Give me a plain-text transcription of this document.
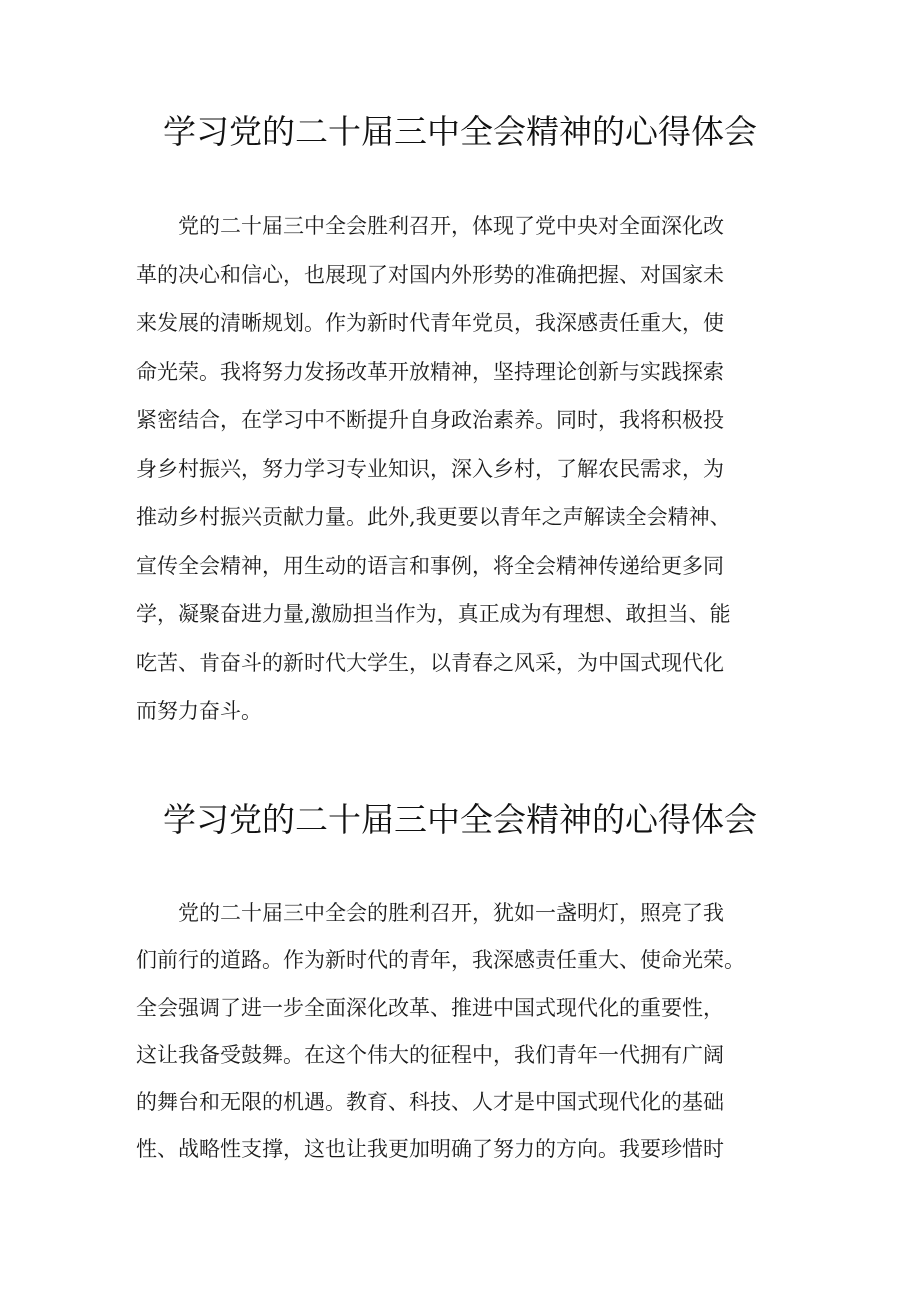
学习党的二十届三中全会精神的心得体会
　　党的二十届三中全会胜利召开，体现了党中央对全面深化改
革的决心和信心，也展现了对国内外形势的准确把握、对国家未
来发展的清晰规划。作为新时代青年党员，我深感责任重大，使
命光荣。我将努力发扬改革开放精神，坚持理论创新与实践探索
紧密结合，在学习中不断提升自身政治素养。同时，我将积极投
身乡村振兴，努力学习专业知识，深入乡村，了解农民需求，为
推动乡村振兴贡献力量。此外,我更要以青年之声解读全会精神、
宣传全会精神，用生动的语言和事例，将全会精神传递给更多同
学，凝聚奋进力量,激励担当作为，真正成为有理想、敢担当、能
吃苦、肯奋斗的新时代大学生，以青春之风采，为中国式现代化
而努力奋斗。
学习党的二十届三中全会精神的心得体会
　　党的二十届三中全会的胜利召开，犹如一盏明灯，照亮了我
们前行的道路。作为新时代的青年，我深感责任重大、使命光荣。
全会强调了进一步全面深化改革、推进中国式现代化的重要性，
这让我备受鼓舞。在这个伟大的征程中，我们青年一代拥有广阔
的舞台和无限的机遇。教育、科技、人才是中国式现代化的基础
性、战略性支撑，这也让我更加明确了努力的方向。我要珍惜时
